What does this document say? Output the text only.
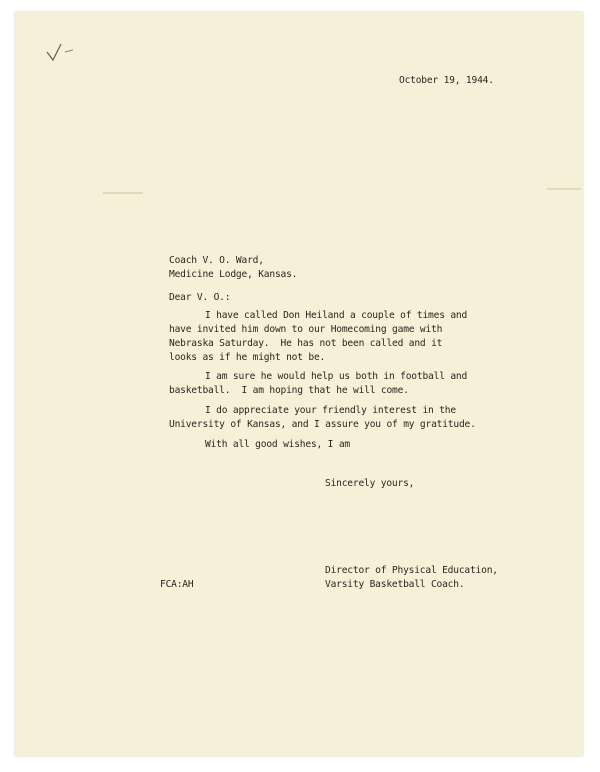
October 19, 1944.
Coach V. O. Ward,
Medicine Lodge, Kansas.
Dear V. O.:
I have called Don Heiland a couple of times and
have invited him down to our Homecoming game with
Nebraska Saturday.  He has not been called and it
looks as if he might not be.
I am sure he would help us both in football and
basketball.  I am hoping that he will come.
I do appreciate your friendly interest in the
University of Kansas, and I assure you of my gratitude.
With all good wishes, I am
Sincerely yours,
Director of Physical Education,
Varsity Basketball Coach.
FCA:AH
